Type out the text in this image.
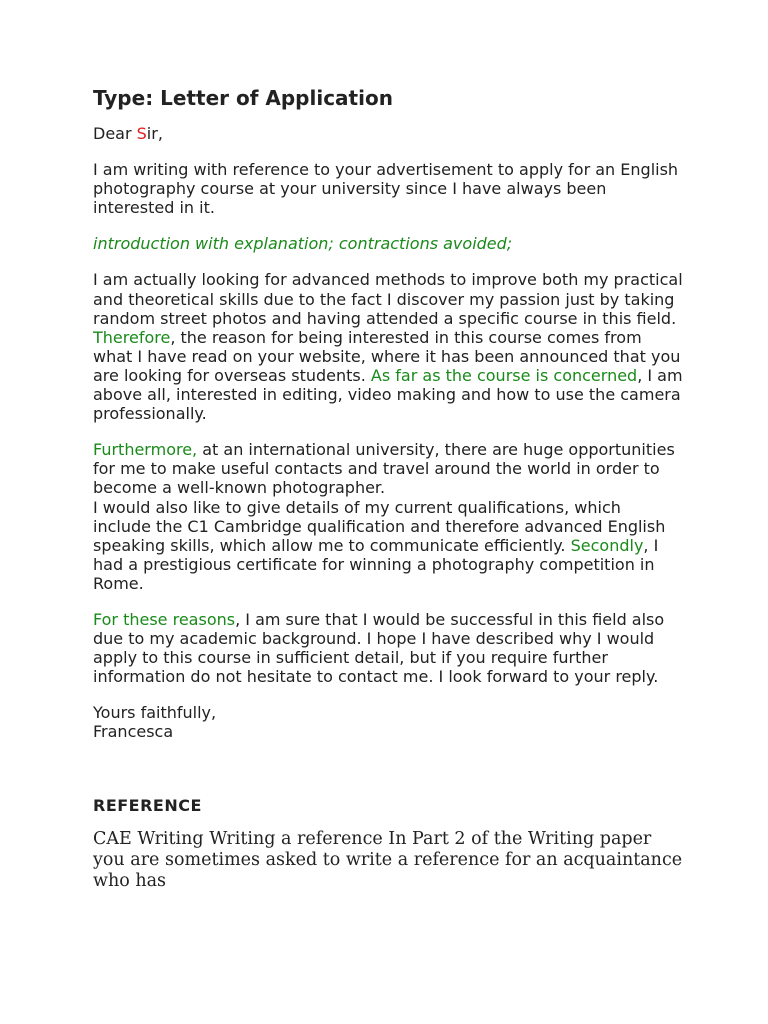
Type: Letter of Application

Dear Sir,

I am writing with reference to your advertisement to apply for an English photography course at your university since I have always been interested in it.

introduction with explanation; contractions avoided;

I am actually looking for advanced methods to improve both my practical and theoretical skills due to the fact I discover my passion just by taking random street photos and having attended a specific course in this field. Therefore, the reason for being interested in this course comes from what I have read on your website, where it has been announced that you are looking for overseas students. As far as the course is concerned, I am above all, interested in editing, video making and how to use the camera professionally.

Furthermore, at an international university, there are huge opportunities for me to make useful contacts and travel around the world in order to become a well-known photographer.

I would also like to give details of my current qualifications, which include the C1 Cambridge qualification and therefore advanced English speaking skills, which allow me to communicate efficiently. Secondly, I had a prestigious certificate for winning a photography competition in Rome.

For these reasons, I am sure that I would be successful in this field also due to my academic background. I hope I have described why I would apply to this course in sufficient detail, but if you require further information do not hesitate to contact me. I look forward to your reply.

Yours faithfully,

Francesca

REFERENCE

CAE Writing Writing a reference In Part 2 of the Writing paper you are sometimes asked to write a reference for an acquaintance who has
